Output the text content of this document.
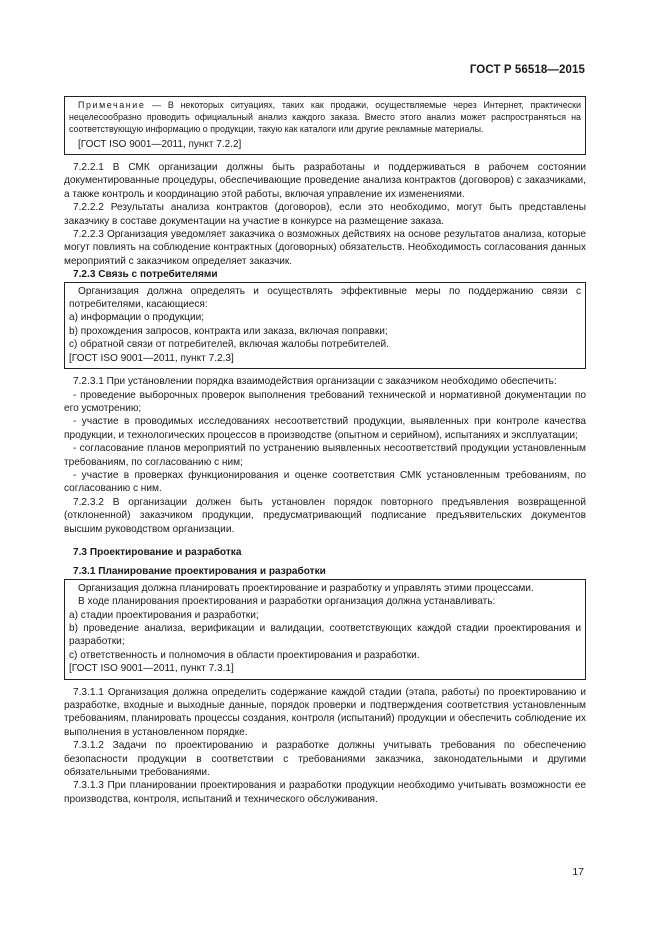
ГОСТ Р 56518—2015

Примечание — В некоторых ситуациях, таких как продажи, осуществляемые через Интернет, практически нецелесообразно проводить официальный анализ каждого заказа. Вместо этого анализ может распространяться на соответствующую информацию о продукции, такую как каталоги или другие рекламные материалы.

[ГОСТ ISO 9001—2011, пункт 7.2.2]

7.2.2.1 В СМК организации должны быть разработаны и поддерживаться в рабочем состоянии документированные процедуры, обеспечивающие проведение анализа контрактов (договоров) с заказчиками, а также контроль и координацию этой работы, включая управление их изменениями.

7.2.2.2 Результаты анализа контрактов (договоров), если это необходимо, могут быть представлены заказчику в составе документации на участие в конкурсе на размещение заказа.

7.2.2.3 Организация уведомляет заказчика о возможных действиях на основе результатов анализа, которые могут повлиять на соблюдение контрактных (договорных) обязательств. Необходимость согласования данных мероприятий с заказчиком определяет заказчик.

7.2.3 Связь с потребителями

Организация должна определять и осуществлять эффективные меры по поддержанию связи с потребителями, касающиеся:

а) информации о продукции;

b) прохождения запросов, контракта или заказа, включая поправки;

с) обратной связи от потребителей, включая жалобы потребителей.

[ГОСТ ISO 9001—2011, пункт 7.2.3]

7.2.3.1 При установлении порядка взаимодействия организации с заказчиком необходимо обеспечить:

- проведение выборочных проверок выполнения требований технической и нормативной документации по его усмотрению;

- участие в проводимых исследованиях несоответствий продукции, выявленных при контроле качества продукции, и технологических процессов в производстве (опытном и серийном), испытаниях и эксплуатации;

- согласование планов мероприятий по устранению выявленных несоответствий продукции установленным требованиям, по согласованию с ним;

- участие в проверках функционирования и оценке соответствия СМК установленным требованиям, по согласованию с ним.

7.2.3.2 В организации должен быть установлен порядок повторного предъявления возвращенной (отклоненной) заказчиком продукции, предусматривающий подписание предъявительских документов высшим руководством организации.

7.3 Проектирование и разработка

7.3.1 Планирование проектирования и разработки

Организация должна планировать проектирование и разработку и управлять этими процессами.

В ходе планирования проектирования и разработки организация должна устанавливать:

а) стадии проектирования и разработки;

b) проведение анализа, верификации и валидации, соответствующих каждой стадии проектирования и разработки;

с) ответственность и полномочия в области проектирования и разработки.

[ГОСТ ISO 9001—2011, пункт 7.3.1]

7.3.1.1 Организация должна определить содержание каждой стадии (этапа, работы) по проектированию и разработке, входные и выходные данные, порядок проверки и подтверждения соответствия установленным требованиям, планировать процессы создания, контроля (испытаний) продукции и обеспечить соблюдение их выполнения в установленном порядке.

7.3.1.2 Задачи по проектированию и разработке должны учитывать требования по обеспечению безопасности продукции в соответствии с требованиями заказчика, законодательными и другими обязательными требованиями.

7.3.1.3 При планировании проектирования и разработки продукции необходимо учитывать возможности ее производства, контроля, испытаний и технического обслуживания.

17
